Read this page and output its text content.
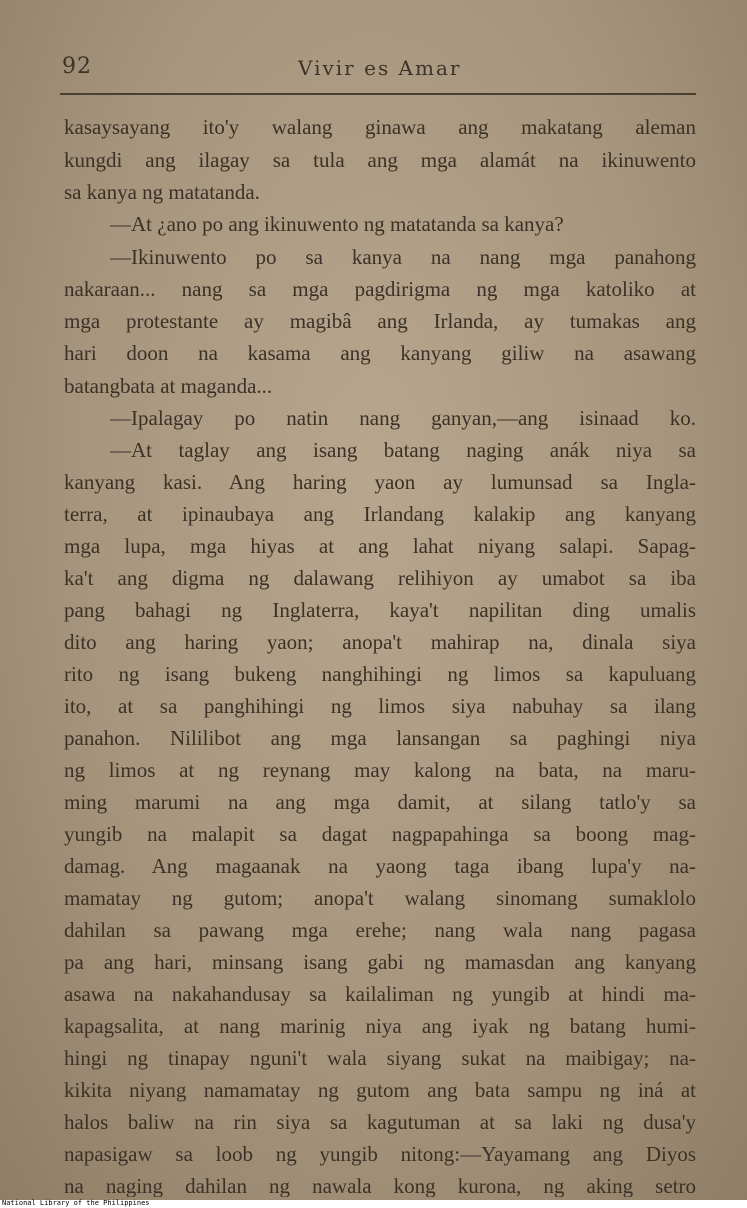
92	Vivir es Amar
kasaysayang ito'y walang ginawa ang makatang aleman
kungdi ang ilagay sa tula ang mga alamát na ikinuwento
sa kanya ng matatanda.
—At ¿ano po ang ikinuwento ng matatanda sa kanya?
—Ikinuwento po sa kanya na nang mga panahong
nakaraan... nang sa mga pagdirigma ng mga katoliko at
mga protestante ay magibâ ang Irlanda, ay tumakas ang
hari doon na kasama ang kanyang giliw na asawang
batangbata at maganda...
—Ipalagay po natin nang ganyan,—ang isinaad ko.
—At taglay ang isang batang naging anák niya sa
kanyang kasi. Ang haring yaon ay lumunsad sa Ingla-
terra, at ipinaubaya ang Irlandang kalakip ang kanyang
mga lupa, mga hiyas at ang lahat niyang salapi. Sapag-
ka't ang digma ng dalawang relihiyon ay umabot sa iba
pang bahagi ng Inglaterra, kaya't napilitan ding umalis
dito ang haring yaon; anopa't mahirap na, dinala siya
rito ng isang bukeng nanghihingi ng limos sa kapuluang
ito, at sa panghihingi ng limos siya nabuhay sa ilang
panahon. Nililibot ang mga lansangan sa paghingi niya
ng limos at ng reynang may kalong na bata, na maru-
ming marumi na ang mga damit, at silang tatlo'y sa
yungib na malapit sa dagat nagpapahinga sa boong mag-
damag. Ang magaanak na yaong taga ibang lupa'y na-
mamatay ng gutom; anopa't walang sinomang sumaklolo
dahilan sa pawang mga erehe; nang wala nang pagasa
pa ang hari, minsang isang gabi ng mamasdan ang kanyang
asawa na nakahandusay sa kailaliman ng yungib at hindi ma-
kapagsalita, at nang marinig niya ang iyak ng batang humi-
hingi ng tinapay nguni't wala siyang sukat na maibigay; na-
kikita niyang namamatay ng gutom ang bata sampu ng iná at
halos baliw na rin siya sa kagutuman at sa laki ng dusa'y
napasigaw sa loob ng yungib nitong:—Yayamang ang Diyos
na naging dahilan ng nawala kong kurona, ng aking setro
National Library of the Philippines
